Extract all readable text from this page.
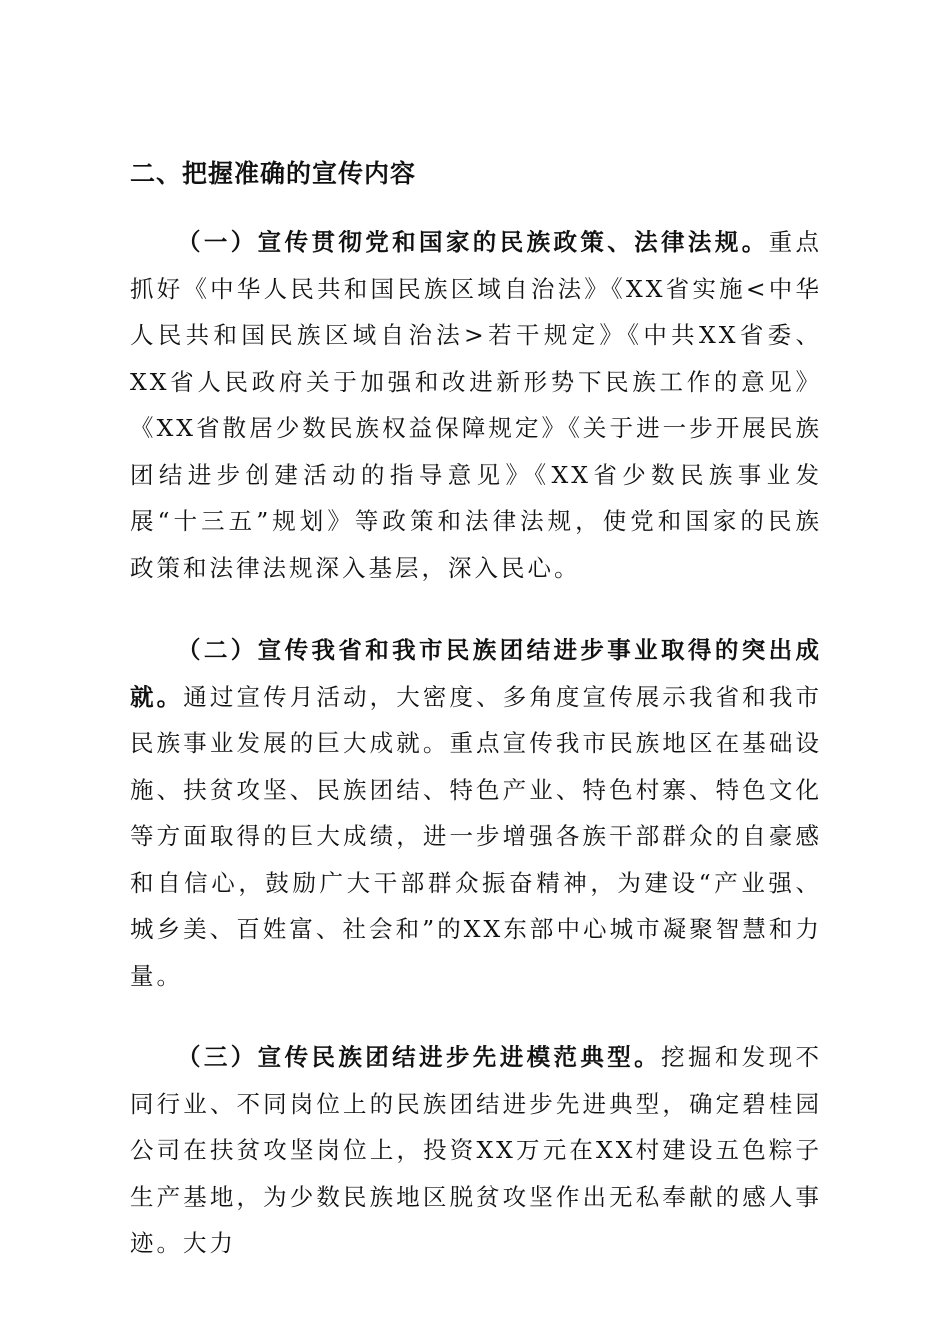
二、把握准确的宣传内容

（一）宣传贯彻党和国家的民族政策、法律法规。重点抓好《中华人民共和国民族区域自治法》《XX省实施<中华人民共和国民族区域自治法>若干规定》《中共XX省委、XX省人民政府关于加强和改进新形势下民族工作的意见》《XX省散居少数民族权益保障规定》《关于进一步开展民族团结进步创建活动的指导意见》《XX省少数民族事业发展“十三五”规划》等政策和法律法规，使党和国家的民族政策和法律法规深入基层，深入民心。

（二）宣传我省和我市民族团结进步事业取得的突出成就。通过宣传月活动，大密度、多角度宣传展示我省和我市民族事业发展的巨大成就。重点宣传我市民族地区在基础设施、扶贫攻坚、民族团结、特色产业、特色村寨、特色文化等方面取得的巨大成绩，进一步增强各族干部群众的自豪感和自信心，鼓励广大干部群众振奋精神，为建设“产业强、城乡美、百姓富、社会和”的XX东部中心城市凝聚智慧和力量。

（三）宣传民族团结进步先进模范典型。挖掘和发现不同行业、不同岗位上的民族团结进步先进典型，确定碧桂园公司在扶贫攻坚岗位上，投资XX万元在XX村建设五色粽子生产基地，为少数民族地区脱贫攻坚作出无私奉献的感人事迹。大力
